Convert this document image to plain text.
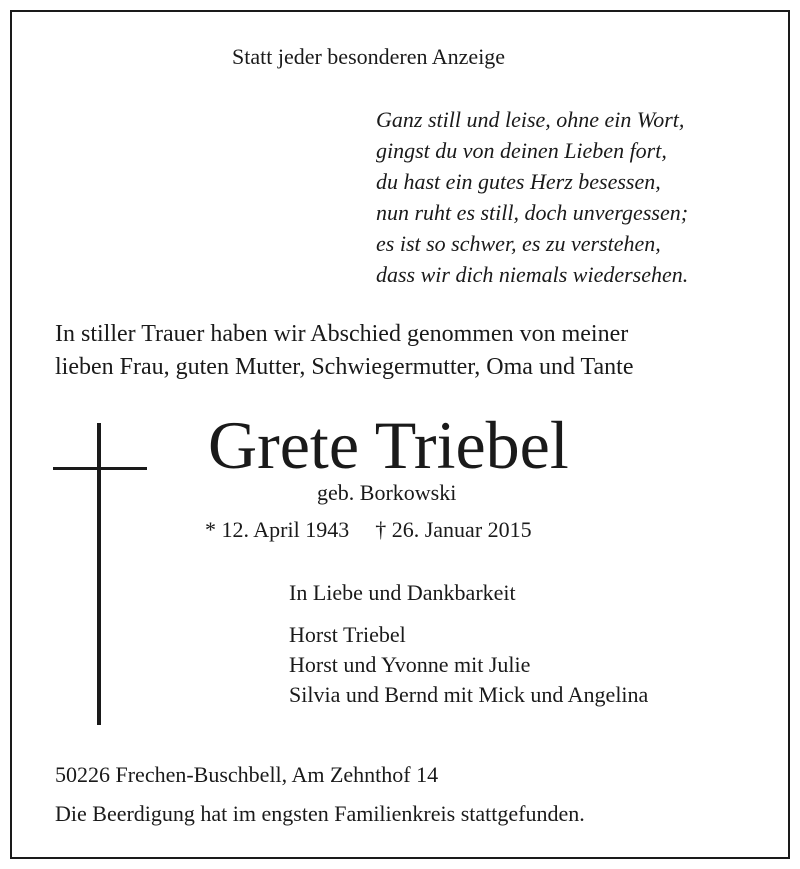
Statt jeder besonderen Anzeige
Ganz still und leise, ohne ein Wort,
gingst du von deinen Lieben fort,
du hast ein gutes Herz besessen,
nun ruht es still, doch unvergessen;
es ist so schwer, es zu verstehen,
dass wir dich niemals wiedersehen.
In stiller Trauer haben wir Abschied genommen von meiner
lieben Frau, guten Mutter, Schwiegermutter, Oma und Tante
Grete Triebel
geb. Borkowski
* 12. April 1943 † 26. Januar 2015
In Liebe und Dankbarkeit
Horst Triebel
Horst und Yvonne mit Julie
Silvia und Bernd mit Mick und Angelina
50226 Frechen-Buschbell, Am Zehnthof 14
Die Beerdigung hat im engsten Familienkreis stattgefunden.
